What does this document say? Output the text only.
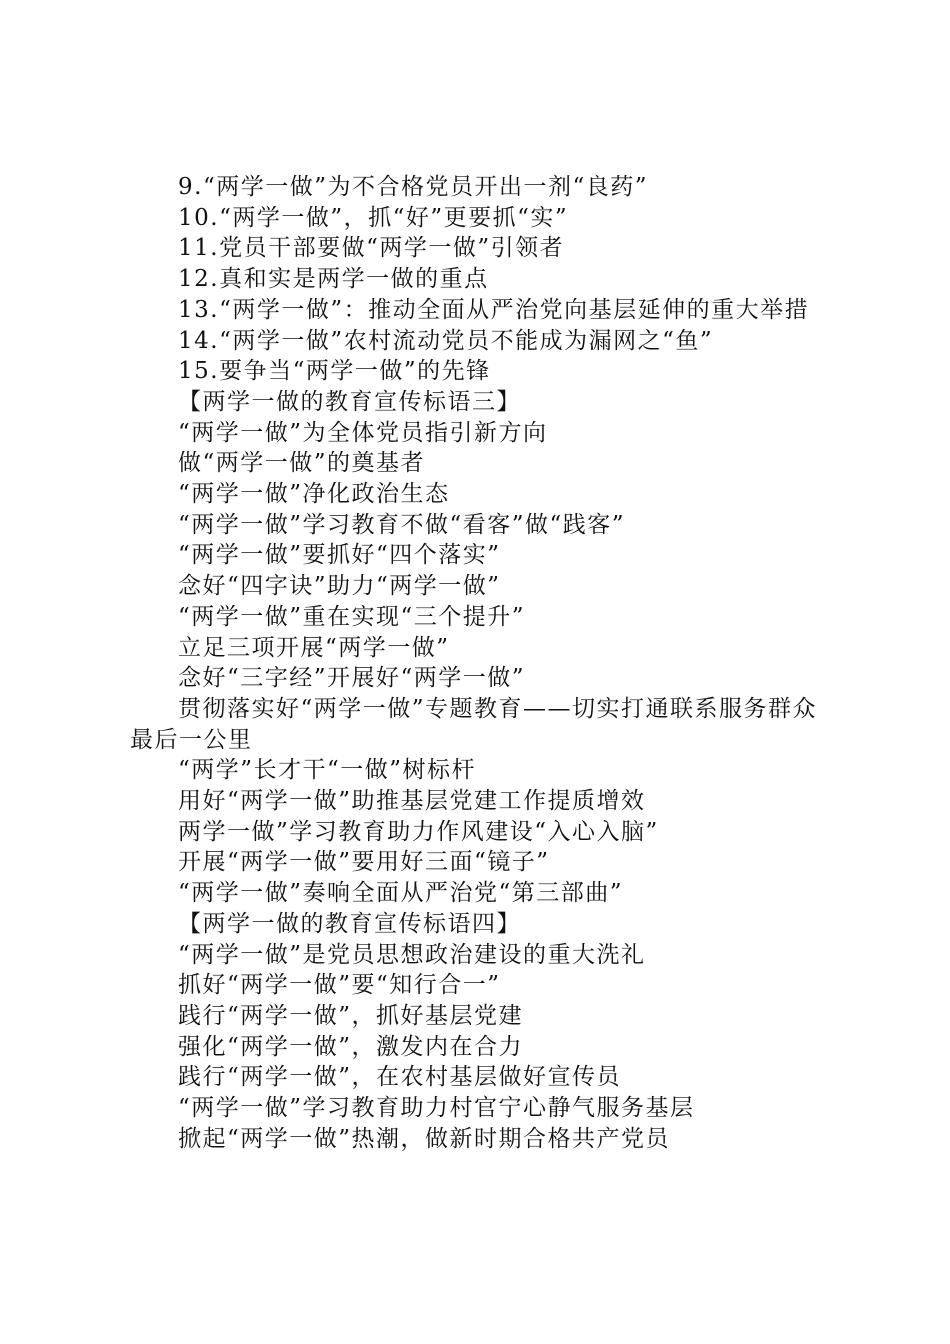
9.“两学一做”为不合格党员开出一剂“良药”

10.“两学一做”，抓“好”更要抓“实”

11.党员干部要做“两学一做”引领者

12.真和实是两学一做的重点

13.“两学一做”：推动全面从严治党向基层延伸的重大举措

14.“两学一做”农村流动党员不能成为漏网之“鱼”

15.要争当“两学一做”的先锋

【两学一做的教育宣传标语三】

“两学一做”为全体党员指引新方向

做“两学一做”的奠基者

“两学一做”净化政治生态

“两学一做”学习教育不做“看客”做“践客”

“两学一做”要抓好“四个落实”

念好“四字诀”助力“两学一做”

“两学一做”重在实现“三个提升”

立足三项开展“两学一做”

念好“三字经”开展好“两学一做”

贯彻落实好“两学一做”专题教育——切实打通联系服务群众最后一公里

“两学”长才干“一做”树标杆

用好“两学一做”助推基层党建工作提质增效

两学一做”学习教育助力作风建设“入心入脑”

开展“两学一做”要用好三面“镜子”

“两学一做”奏响全面从严治党“第三部曲”

【两学一做的教育宣传标语四】

“两学一做”是党员思想政治建设的重大洗礼

抓好“两学一做”要“知行合一”

践行“两学一做”，抓好基层党建

强化“两学一做”，激发内在合力

践行“两学一做”，在农村基层做好宣传员

“两学一做”学习教育助力村官宁心静气服务基层

掀起“两学一做”热潮，做新时期合格共产党员
